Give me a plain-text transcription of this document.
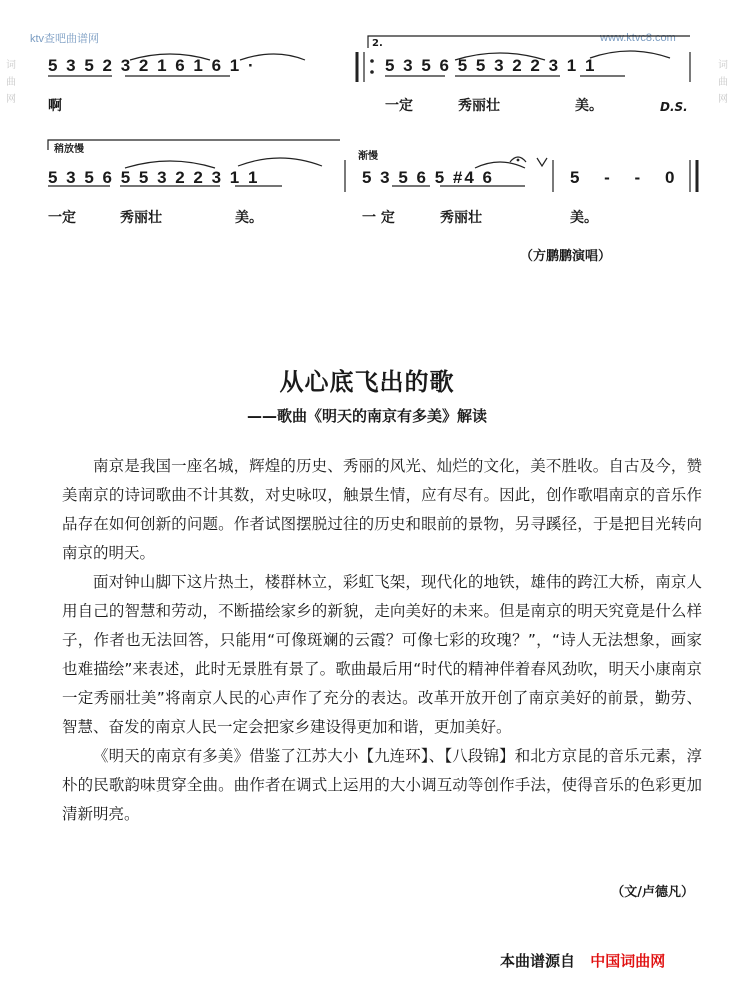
词
曲
网
词
曲
网
ktv查吧曲谱网	www.ktvc8.com
5 3 5 2 3 2 1 6 1 6 1 ·
啊
2.
5 3 5 6 5 5 3 2 2 3 1 1
一定	秀丽壮	美。	D.S.
稍放慢
渐慢
5 3 5 6 5 5 3 2 2 3 1 1
一定	秀丽壮	美。
5 3 5 6 5 #4 6
一 定	秀丽壮
5 - - 0
美。
（方鹏鹏演唱）
从心底飞出的歌
——歌曲《明天的南京有多美》解读

南京是我国一座名城，辉煌的历史、秀丽的风光、灿烂的文化，美不胜收。自古及今，赞美南京的诗词歌曲不计其数，对史咏叹，触景生情，应有尽有。因此，创作歌唱南京的音乐作品存在如何创新的问题。作者试图摆脱过往的历史和眼前的景物，另寻蹊径，于是把目光转向南京的明天。

面对钟山脚下这片热土，楼群林立，彩虹飞架，现代化的地铁，雄伟的跨江大桥，南京人用自己的智慧和劳动，不断描绘家乡的新貌，走向美好的未来。但是南京的明天究竟是什么样子，作者也无法回答，只能用“可像斑斓的云霞？可像七彩的玫瑰？”，“诗人无法想象，画家也难描绘”来表述，此时无景胜有景了。歌曲最后用“时代的精神伴着春风劲吹，明天小康南京一定秀丽壮美”将南京人民的心声作了充分的表达。改革开放开创了南京美好的前景，勤劳、智慧、奋发的南京人民一定会把家乡建设得更加和谐，更加美好。

《明天的南京有多美》借鉴了江苏大小【九连环】、【八段锦】和北方京昆的音乐元素，淳朴的民歌韵味贯穿全曲。曲作者在调式上运用的大小调互动等创作手法，使得音乐的色彩更加清新明亮。

（文/卢德凡）
本曲谱源自 中国词曲网
